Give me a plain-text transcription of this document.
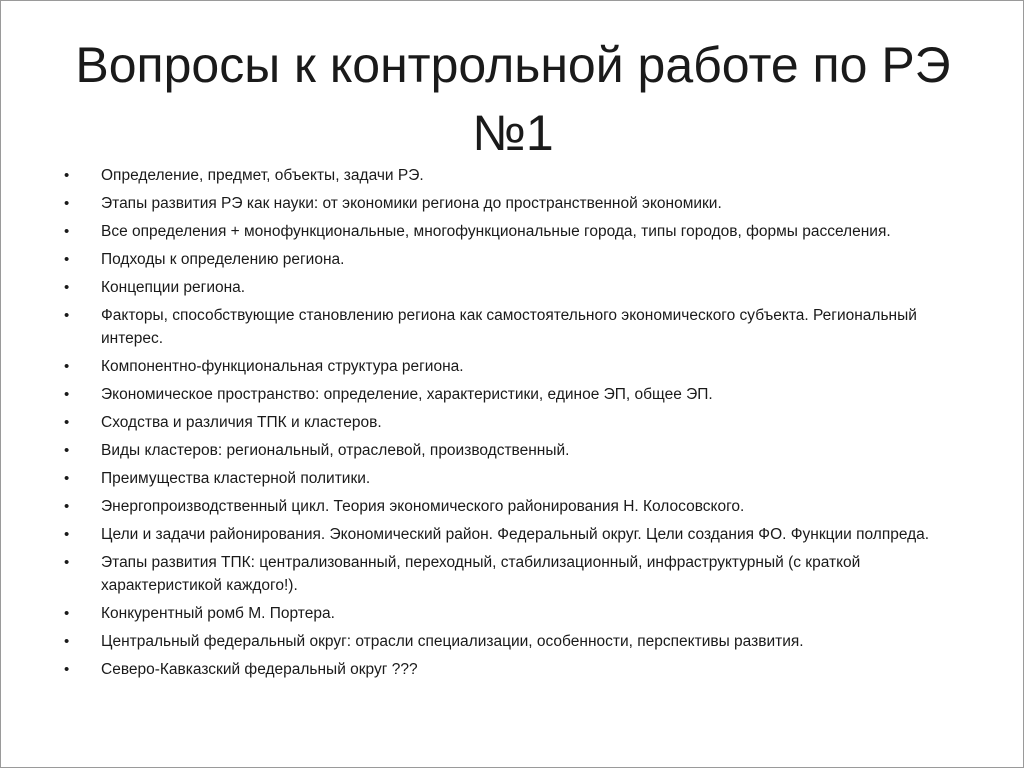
Вопросы к контрольной работе по РЭ №1
• Определение, предмет, объекты, задачи РЭ.
• Этапы развития РЭ как науки: от экономики региона до пространственной экономики.
• Все определения + монофункциональные, многофункциональные города, типы городов, формы расселения.
• Подходы к определению региона.
• Концепции региона.
• Факторы, способствующие становлению региона как самостоятельного экономического субъекта. Региональный интерес.
• Компонентно-функциональная структура региона.
• Экономическое пространство: определение, характеристики, единое ЭП, общее ЭП.
• Сходства и различия ТПК и кластеров.
• Виды кластеров: региональный, отраслевой, производственный.
• Преимущества кластерной политики.
• Энергопроизводственный цикл. Теория экономического районирования Н. Колосовского.
• Цели и задачи районирования. Экономический район. Федеральный округ. Цели создания ФО. Функции полпреда.
• Этапы развития ТПК: централизованный, переходный, стабилизационный, инфраструктурный (с краткой характеристикой каждого!).
• Конкурентный ромб М. Портера.
• Центральный федеральный округ: отрасли специализации, особенности, перспективы развития.
• Северо-Кавказский федеральный округ ???
